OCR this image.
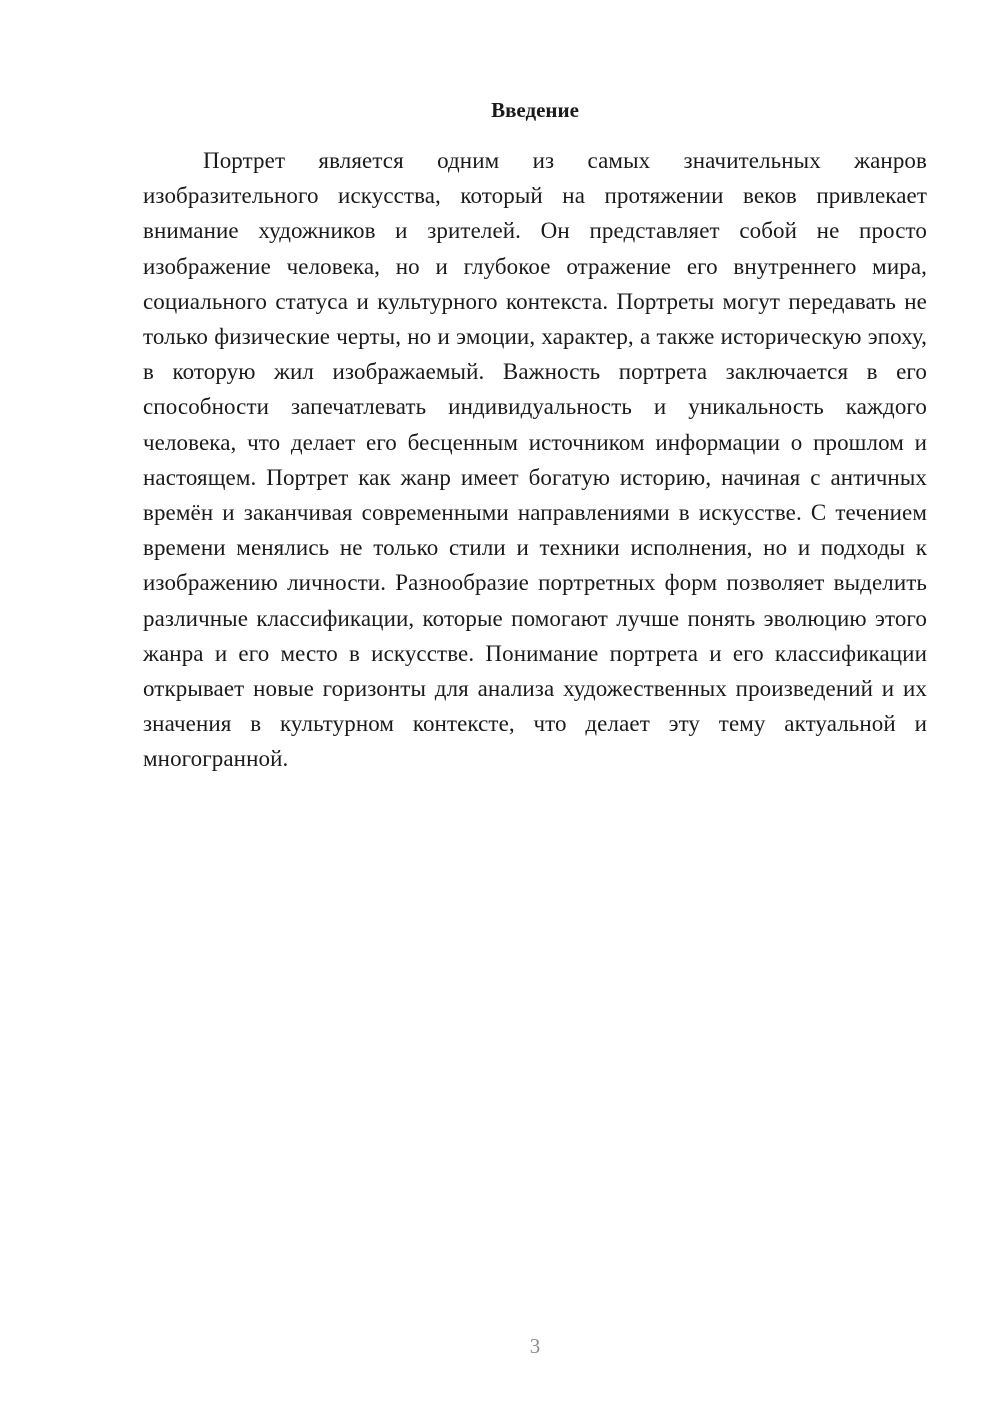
Введение

Портрет является одним из самых значительных жанров изобразительного искусства, который на протяжении веков привлекает внимание художников и зрителей. Он представляет собой не просто изображение человека, но и глубокое отражение его внутреннего мира, социального статуса и культурного контекста. Портреты могут передавать не только физические черты, но и эмоции, характер, а также историческую эпоху, в которую жил изображаемый. Важность портрета заключается в его способности запечатлевать индивидуальность и уникальность каждого человека, что делает его бесценным источником информации о прошлом и настоящем. Портрет как жанр имеет богатую историю, начиная с античных времён и заканчивая современными направлениями в искусстве. С течением времени менялись не только стили и техники исполнения, но и подходы к изображению личности. Разнообразие портретных форм позволяет выделить различные классификации, которые помогают лучше понять эволюцию этого жанра и его место в искусстве. Понимание портрета и его классификации открывает новые горизонты для анализа художественных произведений и их значения в культурном контексте, что делает эту тему актуальной и многогранной.

3
